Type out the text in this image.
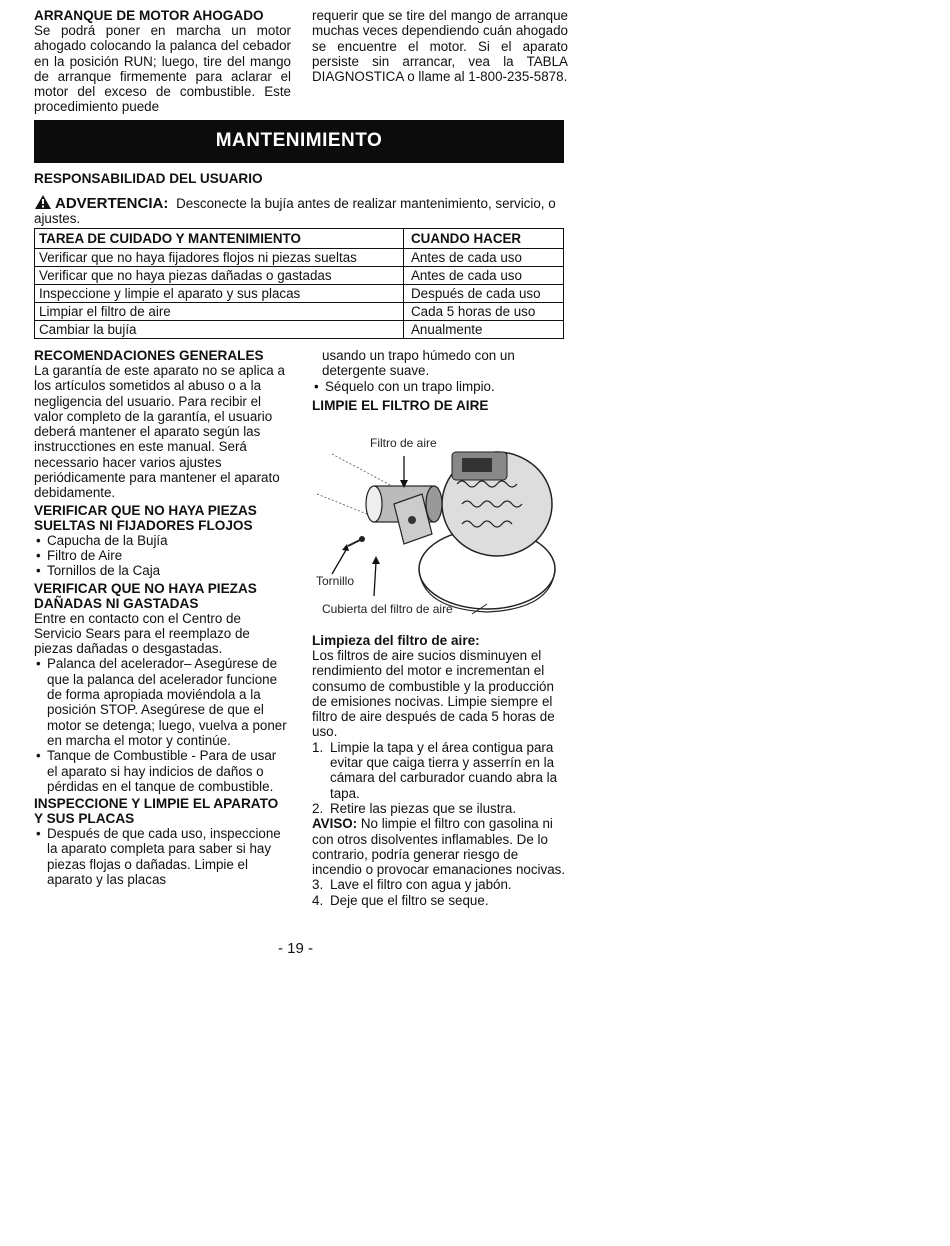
ARRANQUE DE MOTOR AHOGADO

Se podrá poner en marcha un motor ahogado colocando la palanca del cebador en la posición RUN; luego, tire del mango de arranque firmemente para aclarar el motor del exceso de combustible. Este procedimiento puede

requerir que se tire del mango de arranque muchas veces dependiendo cuán ahogado se encuentre el motor. Si el aparato persiste sin arrancar, vea la TABLA DIAGNOSTICA o llame al 1-800-235-5878.

MANTENIMIENTO
RESPONSABILIDAD DEL USUARIO
ADVERTENCIA: Desconecte la bujía antes de realizar mantenimiento, servicio, o ajustes.
TAREA DE CUIDADO Y MANTENIMIENTO	CUANDO HACER
Verificar que no haya fijadores flojos ni piezas sueltas	Antes de cada uso
Verificar que no haya piezas dañadas o gastadas	Antes de cada uso
Inspeccione y limpie el aparato y sus placas	Después de cada uso
Limpiar el filtro de aire	Cada 5 horas de uso
Cambiar la bujía	Anualmente

RECOMENDACIONES GENERALES

La garantía de este aparato no se aplica a los artículos sometidos al abuso o a la negligencia del usuario. Para recibir el valor completo de la garantía, el usuario deberá mantener el aparato según las instrucctiones en este manual. Será necessario hacer varios ajustes periódicamente para mantener el aparato debidamente.

VERIFICAR QUE NO HAYA PIEZAS SUELTAS NI FIJADORES FLOJOS

• Capucha de la Bujía
• Filtro de Aire
• Tornillos de la Caja

VERIFICAR QUE NO HAYA PIEZAS DAÑADAS NI GASTADAS

Entre en contacto con el Centro de Servicio Sears para el reemplazo de piezas dañadas o desgastadas.

• Palanca del acelerador– Asegúrese de que la palanca del acelerador funcione de forma apropiada moviéndola a la posición STOP. Asegúrese de que el motor se detenga; luego, vuelva a poner en marcha el motor y continúe.
• Tanque de Combustible - Para de usar el aparato si hay indicios de daños o pérdidas en el tanque de combustible.

INSPECCIONE Y LIMPIE EL APARATO Y SUS PLACAS

• Después de que cada uso, inspeccione la aparato completa para saber si hay piezas flojas o dañadas. Limpie el aparato y las placas

usando un trapo húmedo con un detergente suave.

• Séquelo con un trapo limpio.

LIMPIE EL FILTRO DE AIRE

Filtro de aire
Tornillo
Cubierta del filtro de aire

Limpieza del filtro de aire:

Los filtros de aire sucios disminuyen el rendimiento del motor e incrementan el consumo de combustible y la producción de emisiones nocivas. Limpie siempre el filtro de aire después de cada 5 horas de uso.

1. Limpie la tapa y el área contigua para evitar que caiga tierra y asserrín en la cámara del carburador cuando abra la tapa.
2. Retire las piezas que se ilustra.

AVISO: No limpie el filtro con gasolina ni con otros disolventes inflamables. De lo contrario, podría generar riesgo de incendio o provocar emanaciones nocivas.

3. Lave el filtro con agua y jabón.
4. Deje que el filtro se seque.
- 19 -
